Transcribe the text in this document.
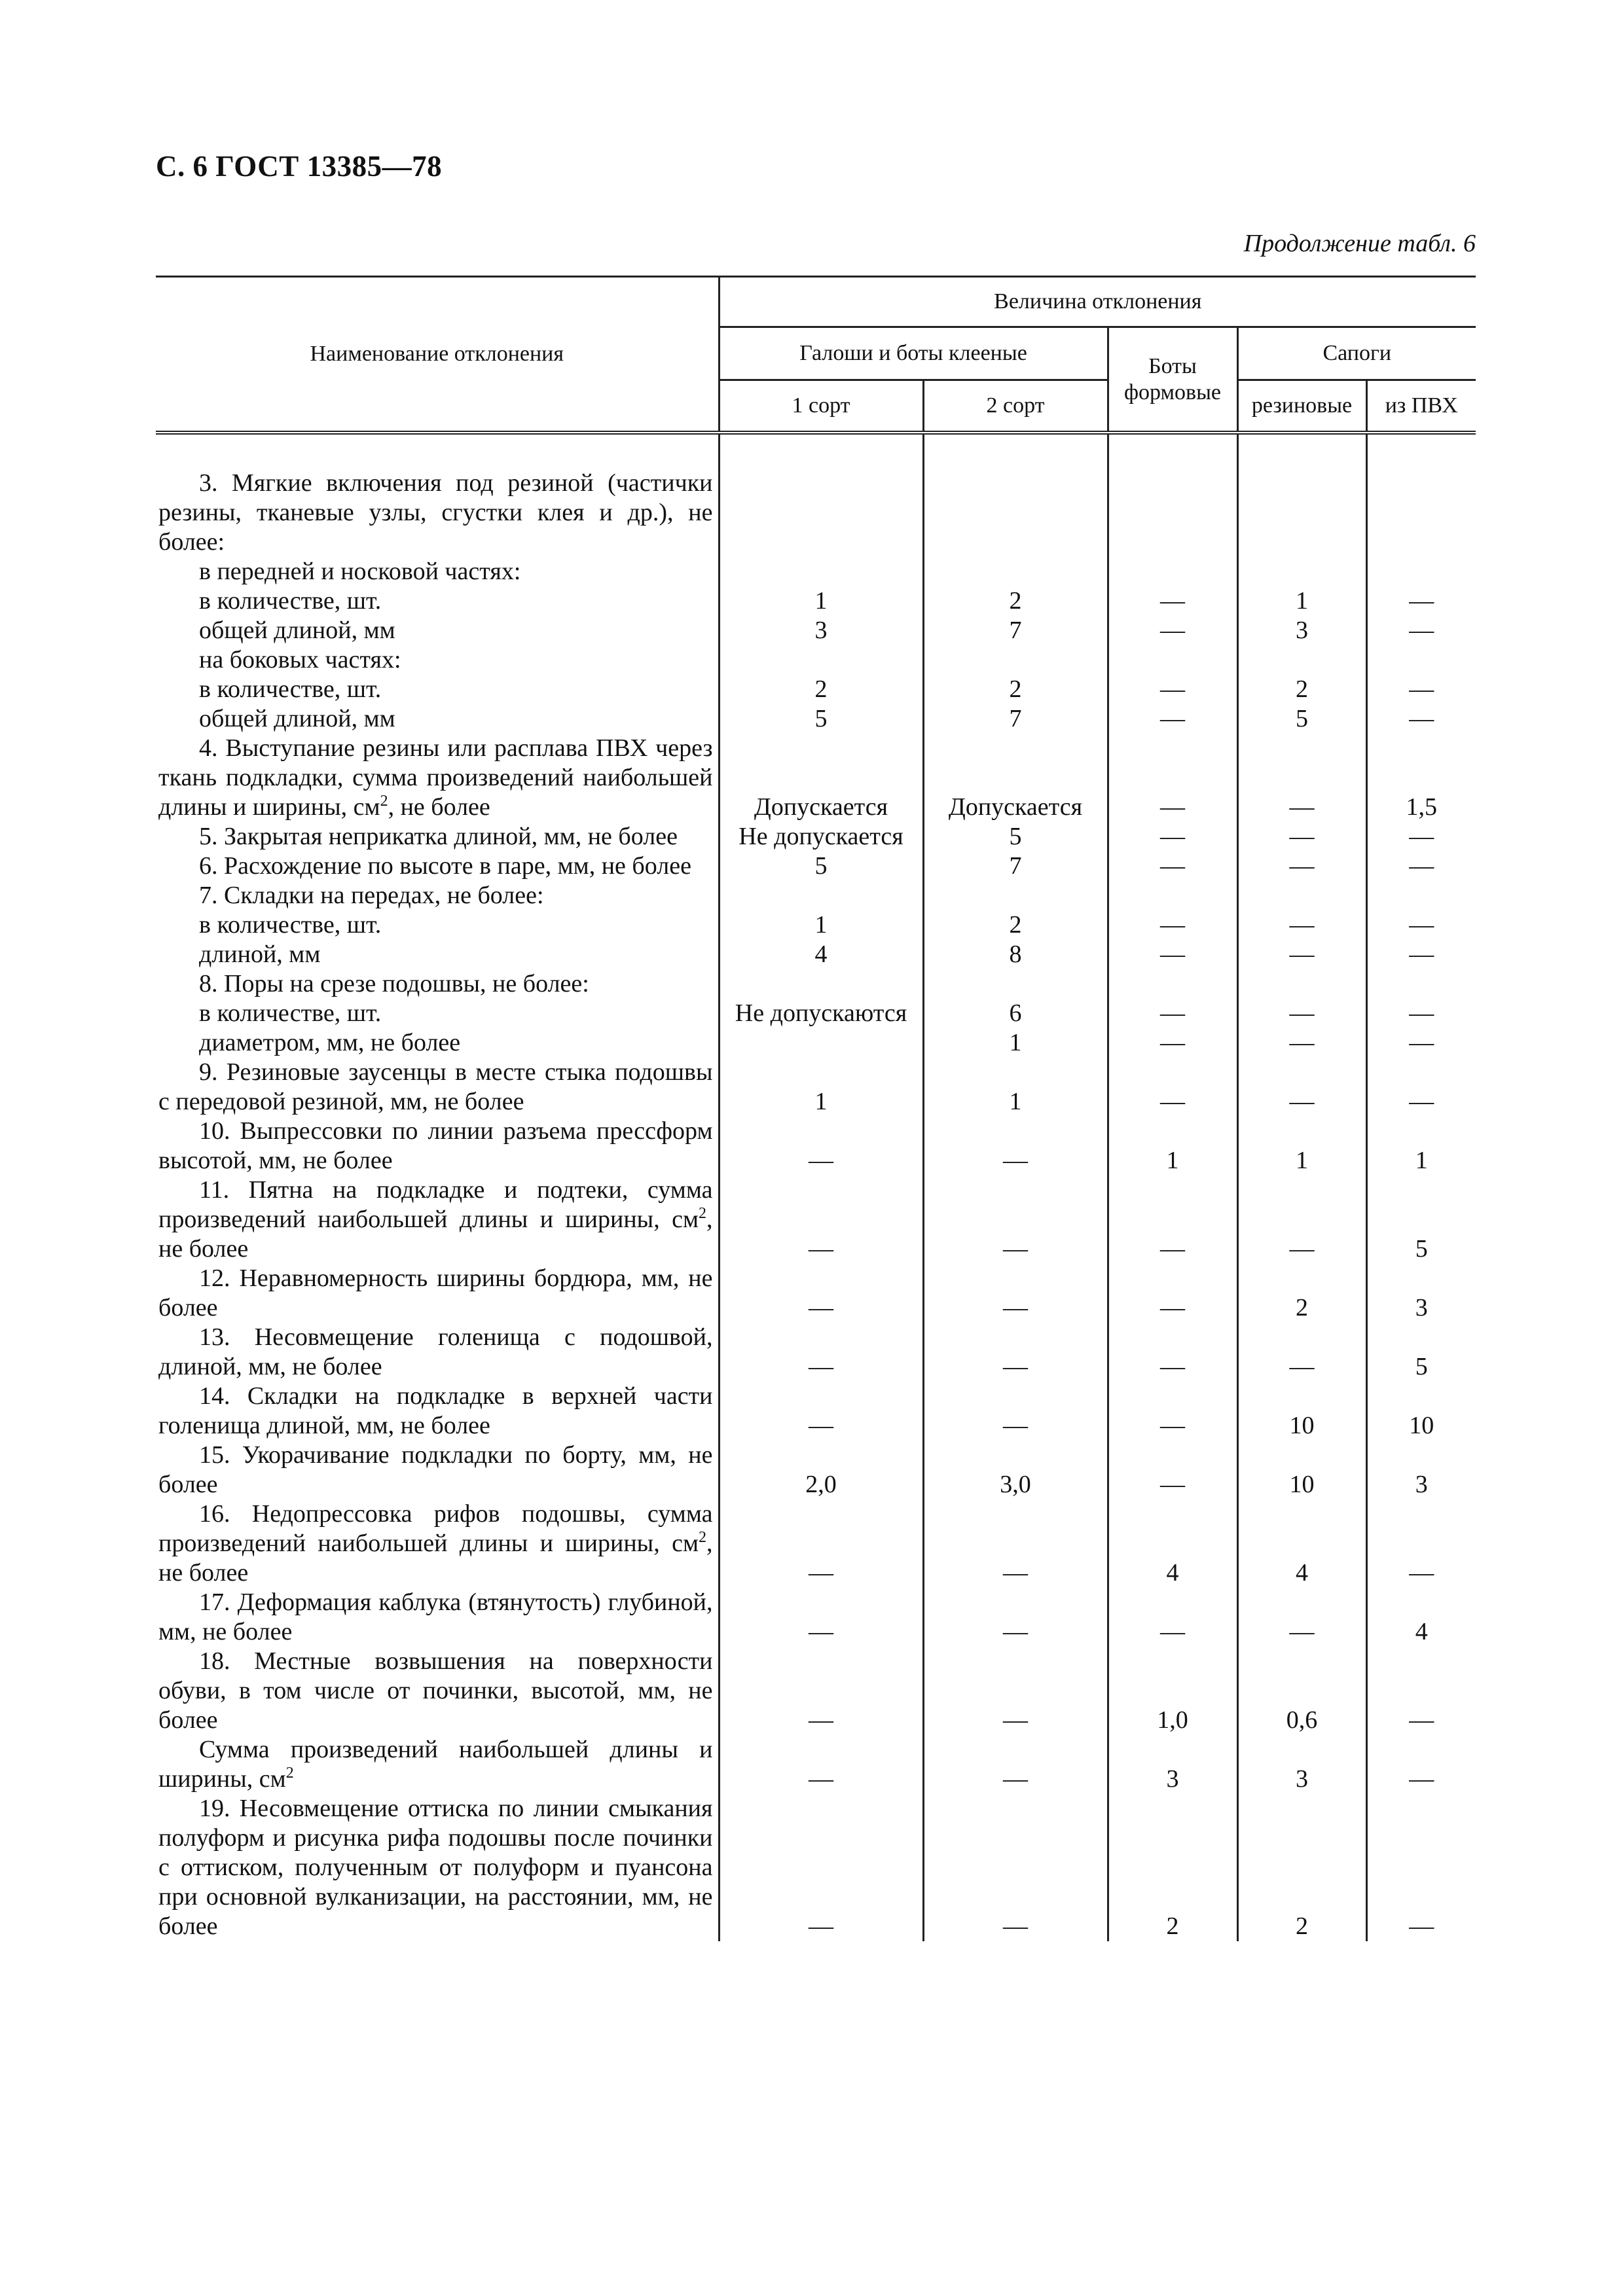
С. 6 ГОСТ 13385—78
Продолжение табл. 6
Наименование отклонения	Величина отклонения				
	Галоши и боты клееные		Боты формовые	Сапоги	
	1 сорт	2 сорт		резиновые	из ПВХ
3. Мягкие включения под резиной (частички резины, тканевые узлы, сгустки клея и др.), не более:					
в передней и носковой частях:					
в количестве, шт.	1	2	—	1	—
общей длиной, мм	3	7	—	3	—
на боковых частях:					
в количестве, шт.	2	2	—	2	—
общей длиной, мм	5	7	—	5	—
4. Выступание резины или расплава ПВХ через ткань подкладки, сумма произведений наибольшей длины и ширины, $см^2$, не более	Допускается	Допускается	—	—	1,5
5. Закрытая неприкатка длиной, мм, не более	Не допускается	5	—	—	—
6. Расхождение по высоте в паре, мм, не более	5	7	—	—	—
7. Складки на передах, не более:					
в количестве, шт.	1	2	—	—	—
длиной, мм	4	8	—	—	—
8. Поры на срезе подошвы, не более:					
в количестве, шт.	Не допускаются	6	—	—	—
диаметром, мм, не более		1	—	—	—
9. Резиновые заусенцы в месте стыка подошвы с передовой резиной, мм, не более	1	1	—	—	—
10. Выпрессовки по линии разъема прессформ высотой, мм, не более	—	—	1	1	1
11. Пятна на подкладке и подтеки, сумма произведений наибольшей длины и ширины, $см^2$, не более	—	—	—	—	5
12. Неравномерность ширины бордюра, мм, не более	—	—	—	2	3
13. Несовмещение голенища с подошвой, длиной, мм, не более	—	—	—	—	5
14. Складки на подкладке в верхней части голенища длиной, мм, не более	—	—	—	10	10
15. Укорачивание подкладки по борту, мм, не более	2,0	3,0	—	10	3
16. Недопрессовка рифов подошвы, сумма произведений наибольшей длины и ширины, $см^2$, не более	—	—	4	4	—
17. Деформация каблука (втянутость) глубиной, мм, не более	—	—	—	—	4
18. Местные возвышения на поверхности обуви, в том числе от починки, высотой, мм, не более	—	—	1,0	0,6	—
Сумма произведений наибольшей длины и ширины, $см^2$	—	—	3	3	—
19. Несовмещение оттиска по линии смыкания полуформ и рисунка рифа подошвы после починки с оттиском, полученным от полуформ и пуансона при основной вулканизации, на расстоянии, мм, не более	—	—	2	2	—
